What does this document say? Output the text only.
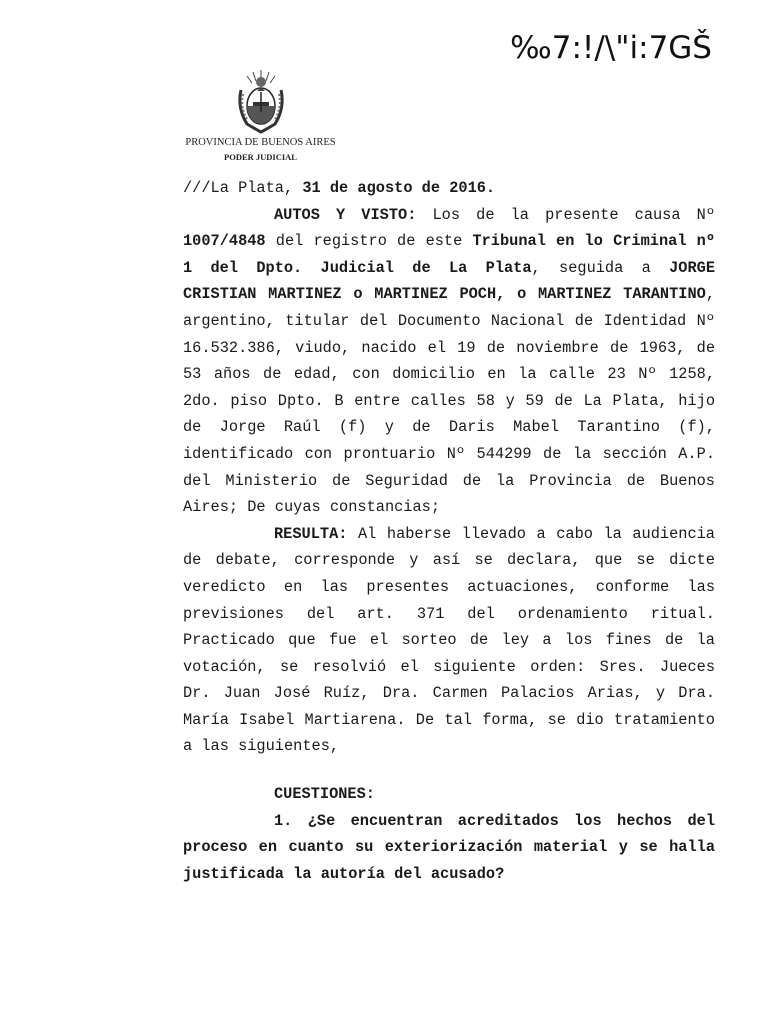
‰7:!/\"i:7GŠ
PROVINCIA DE BUENOS AIRES
PODER JUDICIAL

///La Plata, 31 de agosto de 2016.

AUTOS Y VISTO: Los de la presente causa Nº 1007/4848 del registro de este Tribunal en lo Criminal nº 1 del Dpto. Judicial de La Plata, seguida a JORGE CRISTIAN MARTINEZ o MARTINEZ POCH, o MARTINEZ TARANTINO, argentino, titular del Documento Nacional de Identidad Nº 16.532.386, viudo, nacido el 19 de noviembre de 1963, de 53 años de edad, con domicilio en la calle 23 Nº 1258, 2do. piso Dpto. B entre calles 58 y 59 de La Plata, hijo de Jorge Raúl (f) y de Daris Mabel Tarantino (f), identificado con prontuario Nº 544299 de la sección A.P. del Ministerio de Seguridad de la Provincia de Buenos Aires; De cuyas constancias;

RESULTA: Al haberse llevado a cabo la audiencia de debate, corresponde y así se declara, que se dicte veredicto en las presentes actuaciones, conforme las previsiones del art. 371 del ordenamiento ritual. Practicado que fue el sorteo de ley a los fines de la votación, se resolvió el siguiente orden: Sres. Jueces Dr. Juan José Ruíz, Dra. Carmen Palacios Arias, y Dra. María Isabel Martiarena. De tal forma, se dio tratamiento a las siguientes,

CUESTIONES:

1. ¿Se encuentran acreditados los hechos del proceso en cuanto su exteriorización material y se halla justificada la autoría del acusado?
